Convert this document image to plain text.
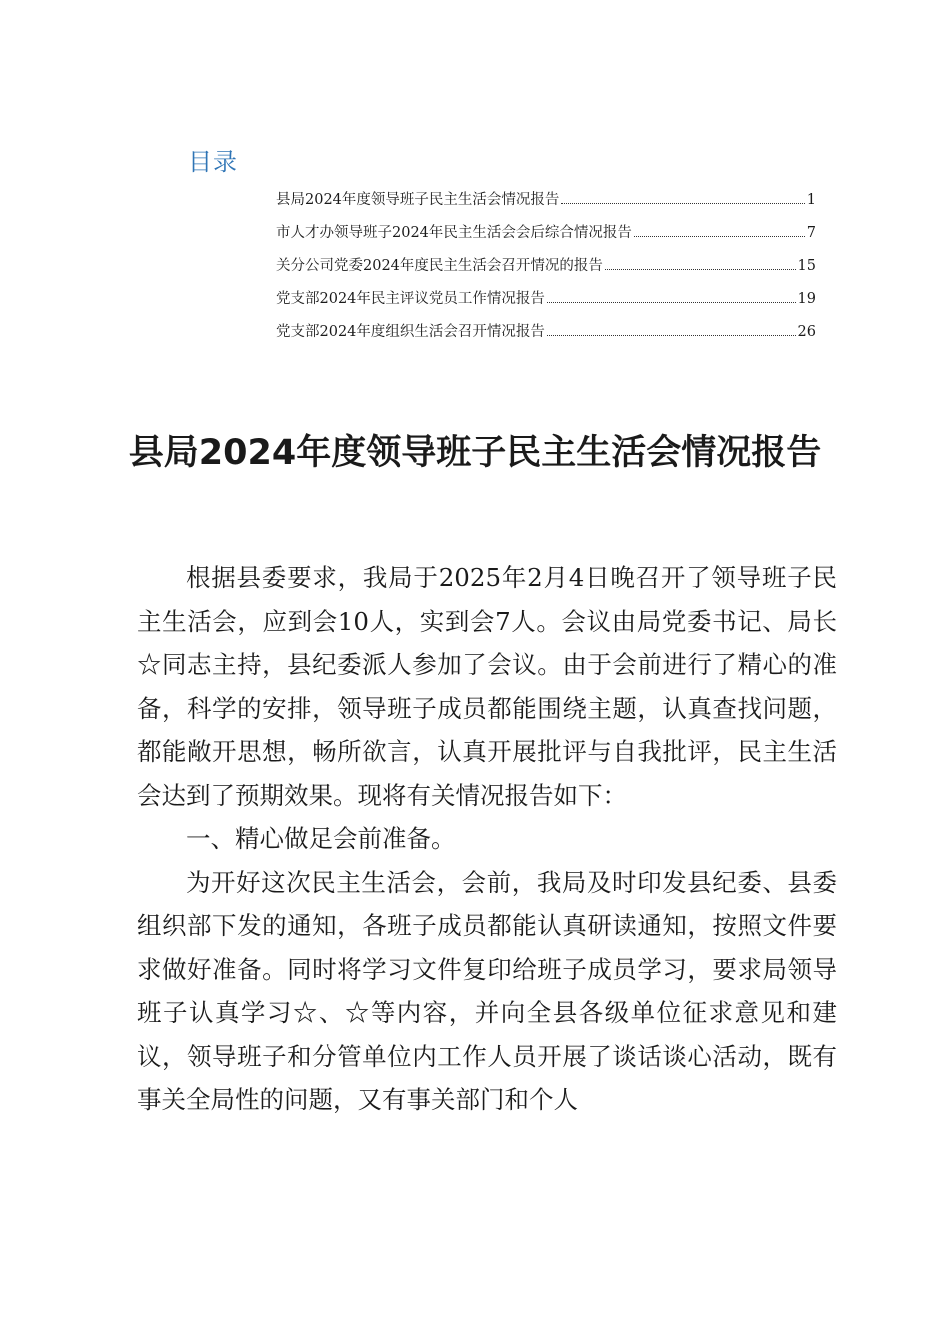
目录
县局2024年度领导班子民主生活会情况报告	1
市人才办领导班子2024年民主生活会会后综合情况报告	7
关分公司党委2024年度民主生活会召开情况的报告	15
党支部2024年民主评议党员工作情况报告	19
党支部2024年度组织生活会召开情况报告	26
县局2024年度领导班子民主生活会情况报告

根据县委要求，我局于2025年2月4日晚召开了领导班子民主生活会，应到会10人，实到会7人。会议由局党委书记、局长☆同志主持，县纪委派人参加了会议。由于会前进行了精心的准备，科学的安排，领导班子成员都能围绕主题，认真查找问题，都能敞开思想，畅所欲言，认真开展批评与自我批评，民主生活会达到了预期效果。现将有关情况报告如下：

一、精心做足会前准备。

为开好这次民主生活会，会前，我局及时印发县纪委、县委组织部下发的通知，各班子成员都能认真研读通知，按照文件要求做好准备。同时将学习文件复印给班子成员学习，要求局领导班子认真学习☆、☆等内容，并向全县各级单位征求意见和建议，领导班子和分管单位内工作人员开展了谈话谈心活动，既有事关全局性的问题，又有事关部门和个人
